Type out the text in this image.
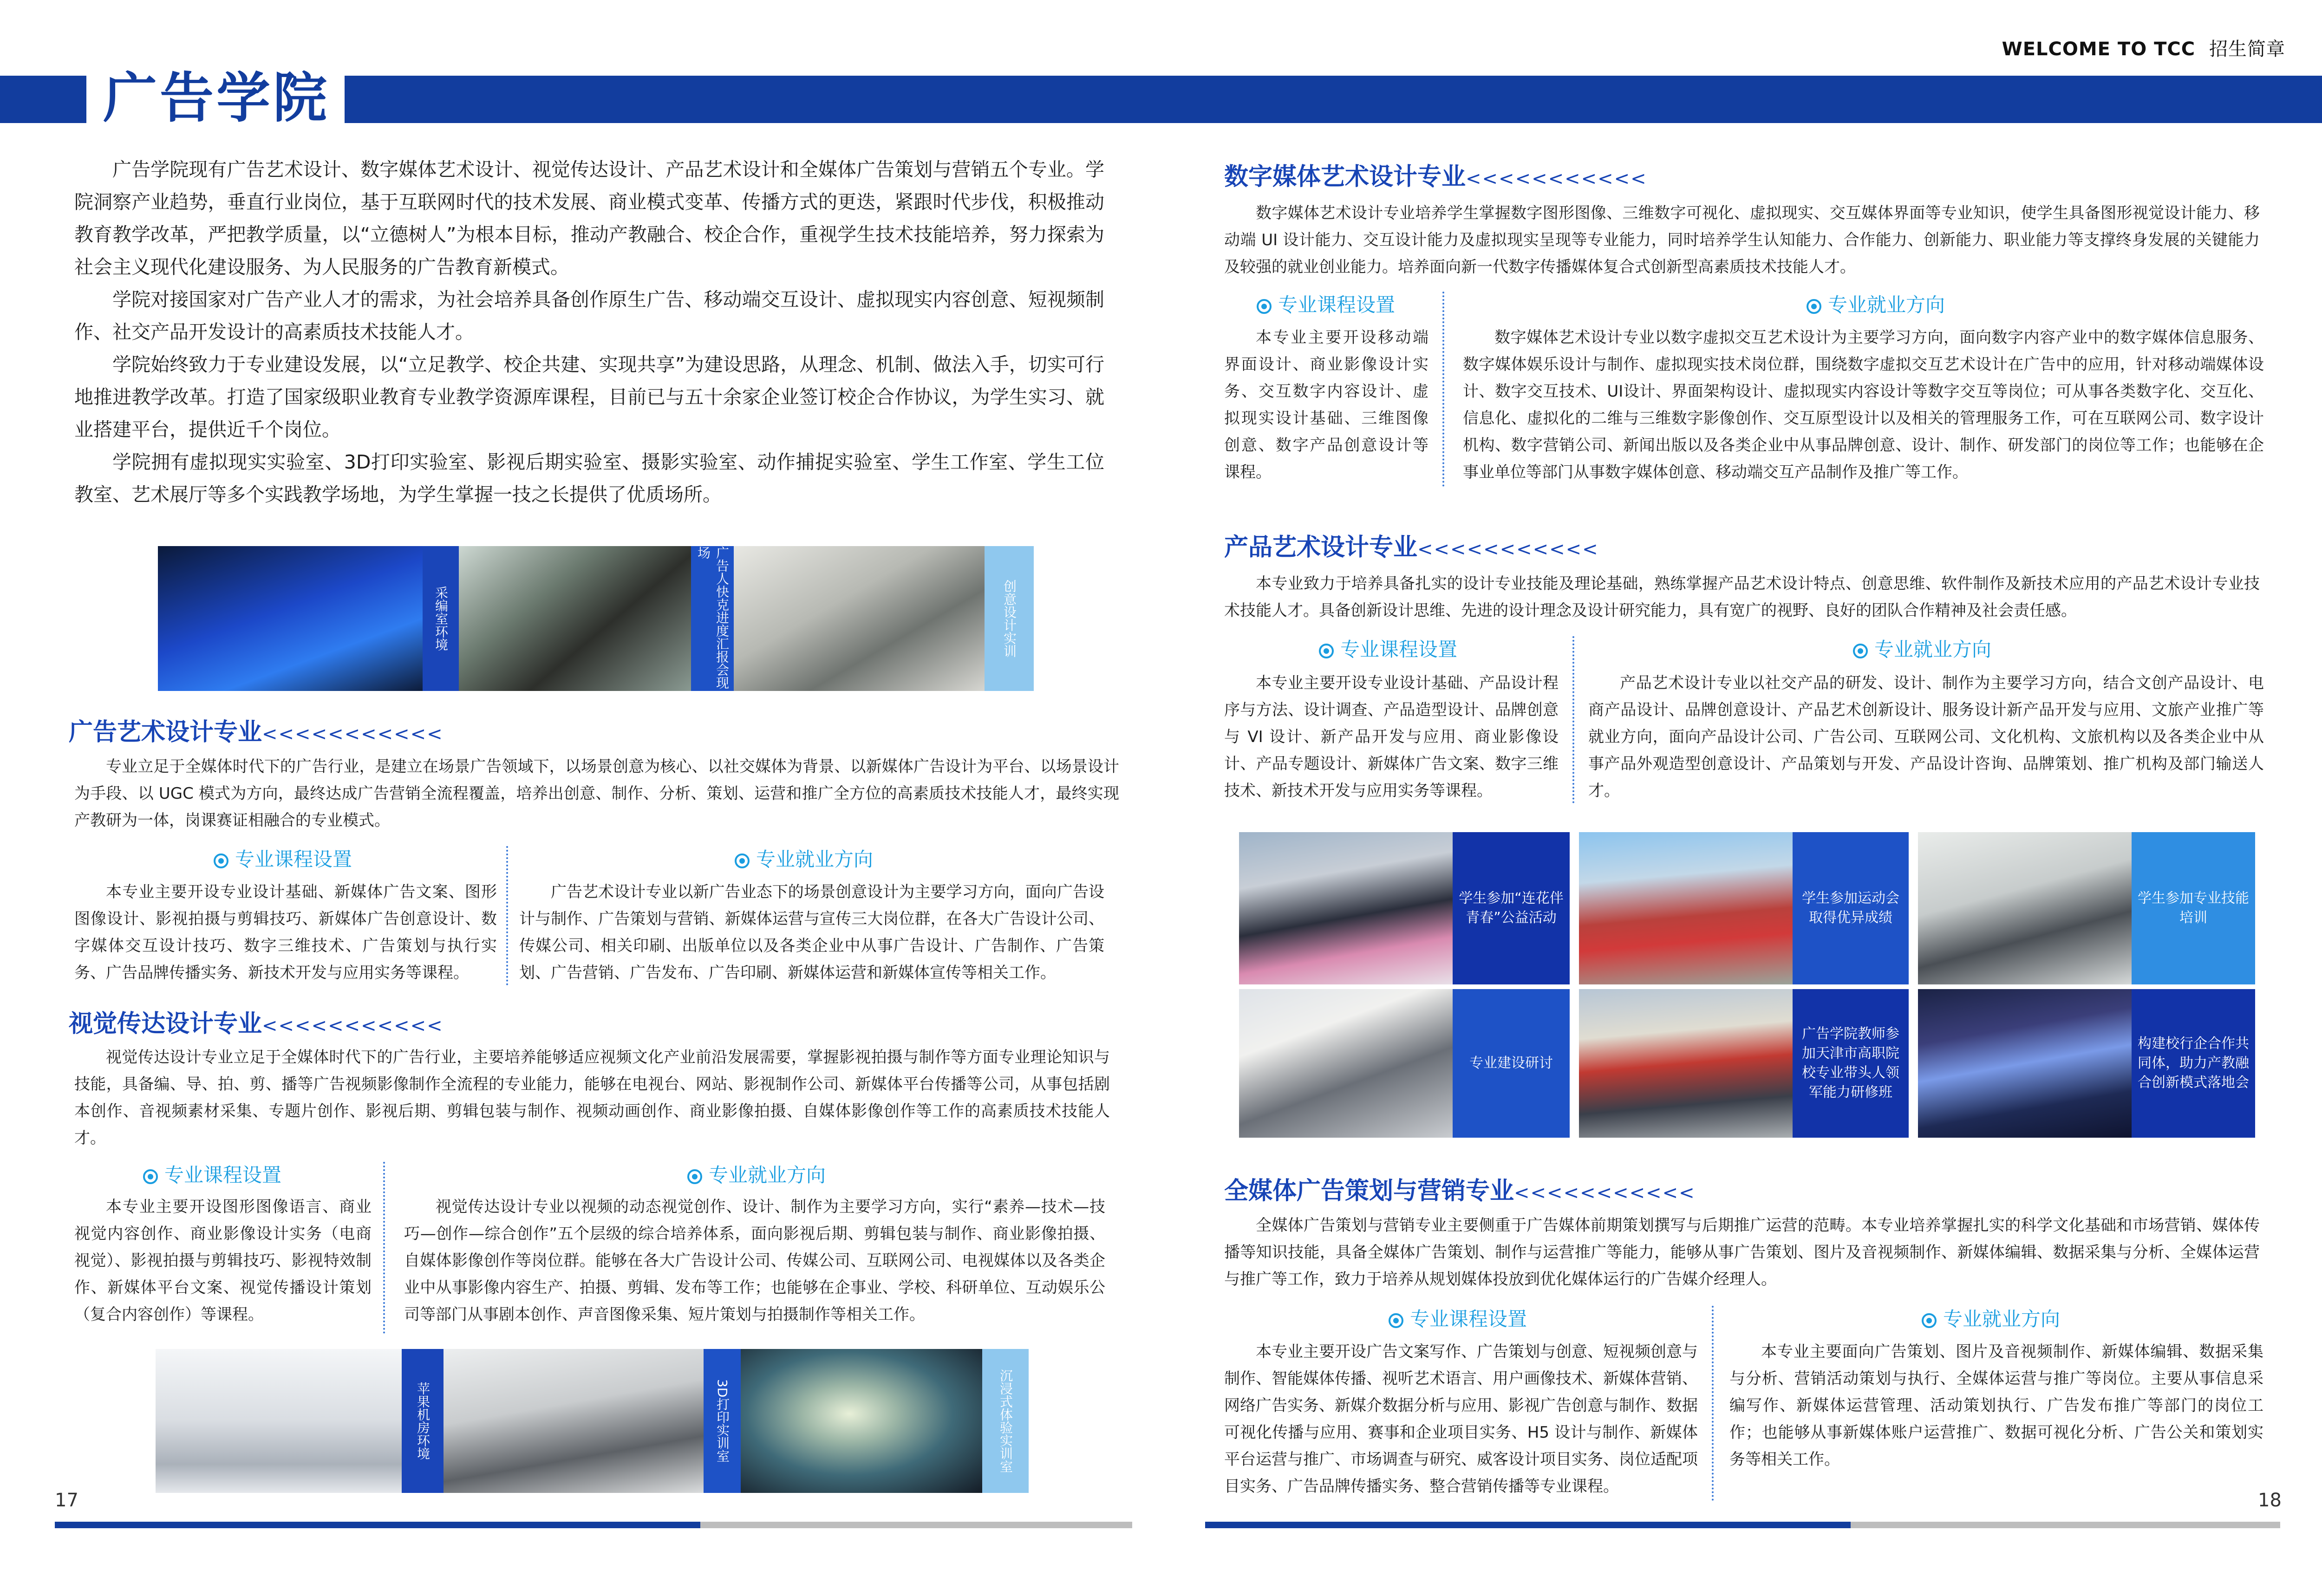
WELCOME TO TCC 招生简章
广告学院

广告学院现有广告艺术设计、数字媒体艺术设计、视觉传达设计、产品艺术设计和全媒体广告策划与营销五个专业。学院洞察产业趋势，垂直行业岗位，基于互联网时代的技术发展、商业模式变革、传播方式的更迭，紧跟时代步伐，积极推动教育教学改革，严把教学质量，以“立德树人”为根本目标，推动产教融合、校企合作，重视学生技术技能培养，努力探索为社会主义现代化建设服务、为人民服务的广告教育新模式。

学院对接国家对广告产业人才的需求，为社会培养具备创作原生广告、移动端交互设计、虚拟现实内容创意、短视频制作、社交产品开发设计的高素质技术技能人才。

学院始终致力于专业建设发展，以“立足教学、校企共建、实现共享”为建设思路，从理念、机制、做法入手，切实可行地推进教学改革。打造了国家级职业教育专业教学资源库课程，目前已与五十余家企业签订校企合作协议，为学生实习、就业搭建平台，提供近千个岗位。

学院拥有虚拟现实实验室、3D打印实验室、影视后期实验室、摄影实验室、动作捕捉实验室、学生工作室、学生工位教室、艺术展厅等多个实践教学场地，为学生掌握一技之长提供了优质场所。

采编室环境	广告人快克进度汇报会现场
创意设计实训
广告艺术设计专业<<<<<<<<<<<

专业立足于全媒体时代下的广告行业，是建立在场景广告领域下，以场景创意为核心、以社交媒体为背景、以新媒体广告设计为平台、以场景设计为手段、以 UGC 模式为方向，最终达成广告营销全流程覆盖，培养出创意、制作、分析、策划、运营和推广全方位的高素质技术技能人才，最终实现产教研为一体，岗课赛证相融合的专业模式。

专业课程设置	专业就业方向

本专业主要开设专业设计基础、新媒体广告文案、图形图像设计、影视拍摄与剪辑技巧、新媒体广告创意设计、数字媒体交互设计技巧、数字三维技术、广告策划与执行实务、广告品牌传播实务、新技术开发与应用实务等课程。

广告艺术设计专业以新广告业态下的场景创意设计为主要学习方向，面向广告设计与制作、广告策划与营销、新媒体运营与宣传三大岗位群，在各大广告设计公司、传媒公司、相关印刷、出版单位以及各类企业中从事广告设计、广告制作、广告策划、广告营销、广告发布、广告印刷、新媒体运营和新媒体宣传等相关工作。

视觉传达设计专业<<<<<<<<<<<

视觉传达设计专业立足于全媒体时代下的广告行业，主要培养能够适应视频文化产业前沿发展需要，掌握影视拍摄与制作等方面专业理论知识与技能，具备编、导、拍、剪、播等广告视频影像制作全流程的专业能力，能够在电视台、网站、影视制作公司、新媒体平台传播等公司，从事包括剧本创作、音视频素材采集、专题片创作、影视后期、剪辑包装与制作、视频动画创作、商业影像拍摄、自媒体影像创作等工作的高素质技术技能人才。

专业课程设置	专业就业方向

本专业主要开设图形图像语言、商业视觉内容创作、商业影像设计实务（电商视觉）、影视拍摄与剪辑技巧、影视特效制作、新媒体平台文案、视觉传播设计策划（复合内容创作）等课程。

视觉传达设计专业以视频的动态视觉创作、设计、制作为主要学习方向，实行“素养—技术—技巧—创作—综合创作”五个层级的综合培养体系，面向影视后期、剪辑包装与制作、商业影像拍摄、自媒体影像创作等岗位群。能够在各大广告设计公司、传媒公司、互联网公司、电视媒体以及各类企业中从事影像内容生产、拍摄、剪辑、发布等工作；也能够在企事业、学校、科研单位、互动娱乐公司等部门从事剧本创作、声音图像采集、短片策划与拍摄制作等相关工作。

苹果机房环境	3D打印实训室	沉浸式体验实训室
17
数字媒体艺术设计专业<<<<<<<<<<<

数字媒体艺术设计专业培养学生掌握数字图形图像、三维数字可视化、虚拟现实、交互媒体界面等专业知识，使学生具备图形视觉设计能力、移动端 UI 设计能力、交互设计能力及虚拟现实呈现等专业能力，同时培养学生认知能力、合作能力、创新能力、职业能力等支撑终身发展的关键能力及较强的就业创业能力。培养面向新一代数字传播媒体复合式创新型高素质技术技能人才。

专业课程设置	专业就业方向

本专业主要开设移动端界面设计、商业影像设计实务、交互数字内容设计、虚拟现实设计基础、三维图像创意、数字产品创意设计等课程。

数字媒体艺术设计专业以数字虚拟交互艺术设计为主要学习方向，面向数字内容产业中的数字媒体信息服务、数字媒体娱乐设计与制作、虚拟现实技术岗位群，围绕数字虚拟交互艺术设计在广告中的应用，针对移动端媒体设计、数字交互技术、UI设计、界面架构设计、虚拟现实内容设计等数字交互等岗位；可从事各类数字化、交互化、信息化、虚拟化的二维与三维数字影像创作、交互原型设计以及相关的管理服务工作，可在互联网公司、数字设计机构、数字营销公司、新闻出版以及各类企业中从事品牌创意、设计、制作、研发部门的岗位等工作；也能够在企事业单位等部门从事数字媒体创意、移动端交互产品制作及推广等工作。

产品艺术设计专业<<<<<<<<<<<

本专业致力于培养具备扎实的设计专业技能及理论基础，熟练掌握产品艺术设计特点、创意思维、软件制作及新技术应用的产品艺术设计专业技术技能人才。具备创新设计思维、先进的设计理念及设计研究能力，具有宽广的视野、良好的团队合作精神及社会责任感。

专业课程设置	专业就业方向

本专业主要开设专业设计基础、产品设计程序与方法、设计调查、产品造型设计、品牌创意与 VI 设计、新产品开发与应用、商业影像设计、产品专题设计、新媒体广告文案、数字三维技术、新技术开发与应用实务等课程。

产品艺术设计专业以社交产品的研发、设计、制作为主要学习方向，结合文创产品设计、电商产品设计、品牌创意设计、产品艺术创新设计、服务设计新产品开发与应用、文旅产业推广等就业方向，面向产品设计公司、广告公司、互联网公司、文化机构、文旅机构以及各类企业中从事产品外观造型创意设计、产品策划与开发、产品设计咨询、品牌策划、推广机构及部门输送人才。

学生参加“连花伴青春”公益活动
学生参加运动会取得优异成绩
学生参加专业技能培训
专业建设研讨
广告学院教师参加天津市高职院校专业带头人领军能力研修班
构建校行企合作共同体，助力产教融合创新模式落地会
全媒体广告策划与营销专业<<<<<<<<<<<

全媒体广告策划与营销专业主要侧重于广告媒体前期策划撰写与后期推广运营的范畴。本专业培养掌握扎实的科学文化基础和市场营销、媒体传播等知识技能，具备全媒体广告策划、制作与运营推广等能力，能够从事广告策划、图片及音视频制作、新媒体编辑、数据采集与分析、全媒体运营与推广等工作，致力于培养从规划媒体投放到优化媒体运行的广告媒介经理人。

专业课程设置	专业就业方向

本专业主要开设广告文案写作、广告策划与创意、短视频创意与制作、智能媒体传播、视听艺术语言、用户画像技术、新媒体营销、网络广告实务、新媒介数据分析与应用、影视广告创意与制作、数据可视化传播与应用、赛事和企业项目实务、H5 设计与制作、新媒体平台运营与推广、市场调查与研究、威客设计项目实务、岗位适配项目实务、广告品牌传播实务、整合营销传播等专业课程。

本专业主要面向广告策划、图片及音视频制作、新媒体编辑、数据采集与分析、营销活动策划与执行、全媒体运营与推广等岗位。主要从事信息采编写作、新媒体运营管理、活动策划执行、广告发布推广等部门的岗位工作；也能够从事新媒体账户运营推广、数据可视化分析、广告公关和策划实务等相关工作。

18
